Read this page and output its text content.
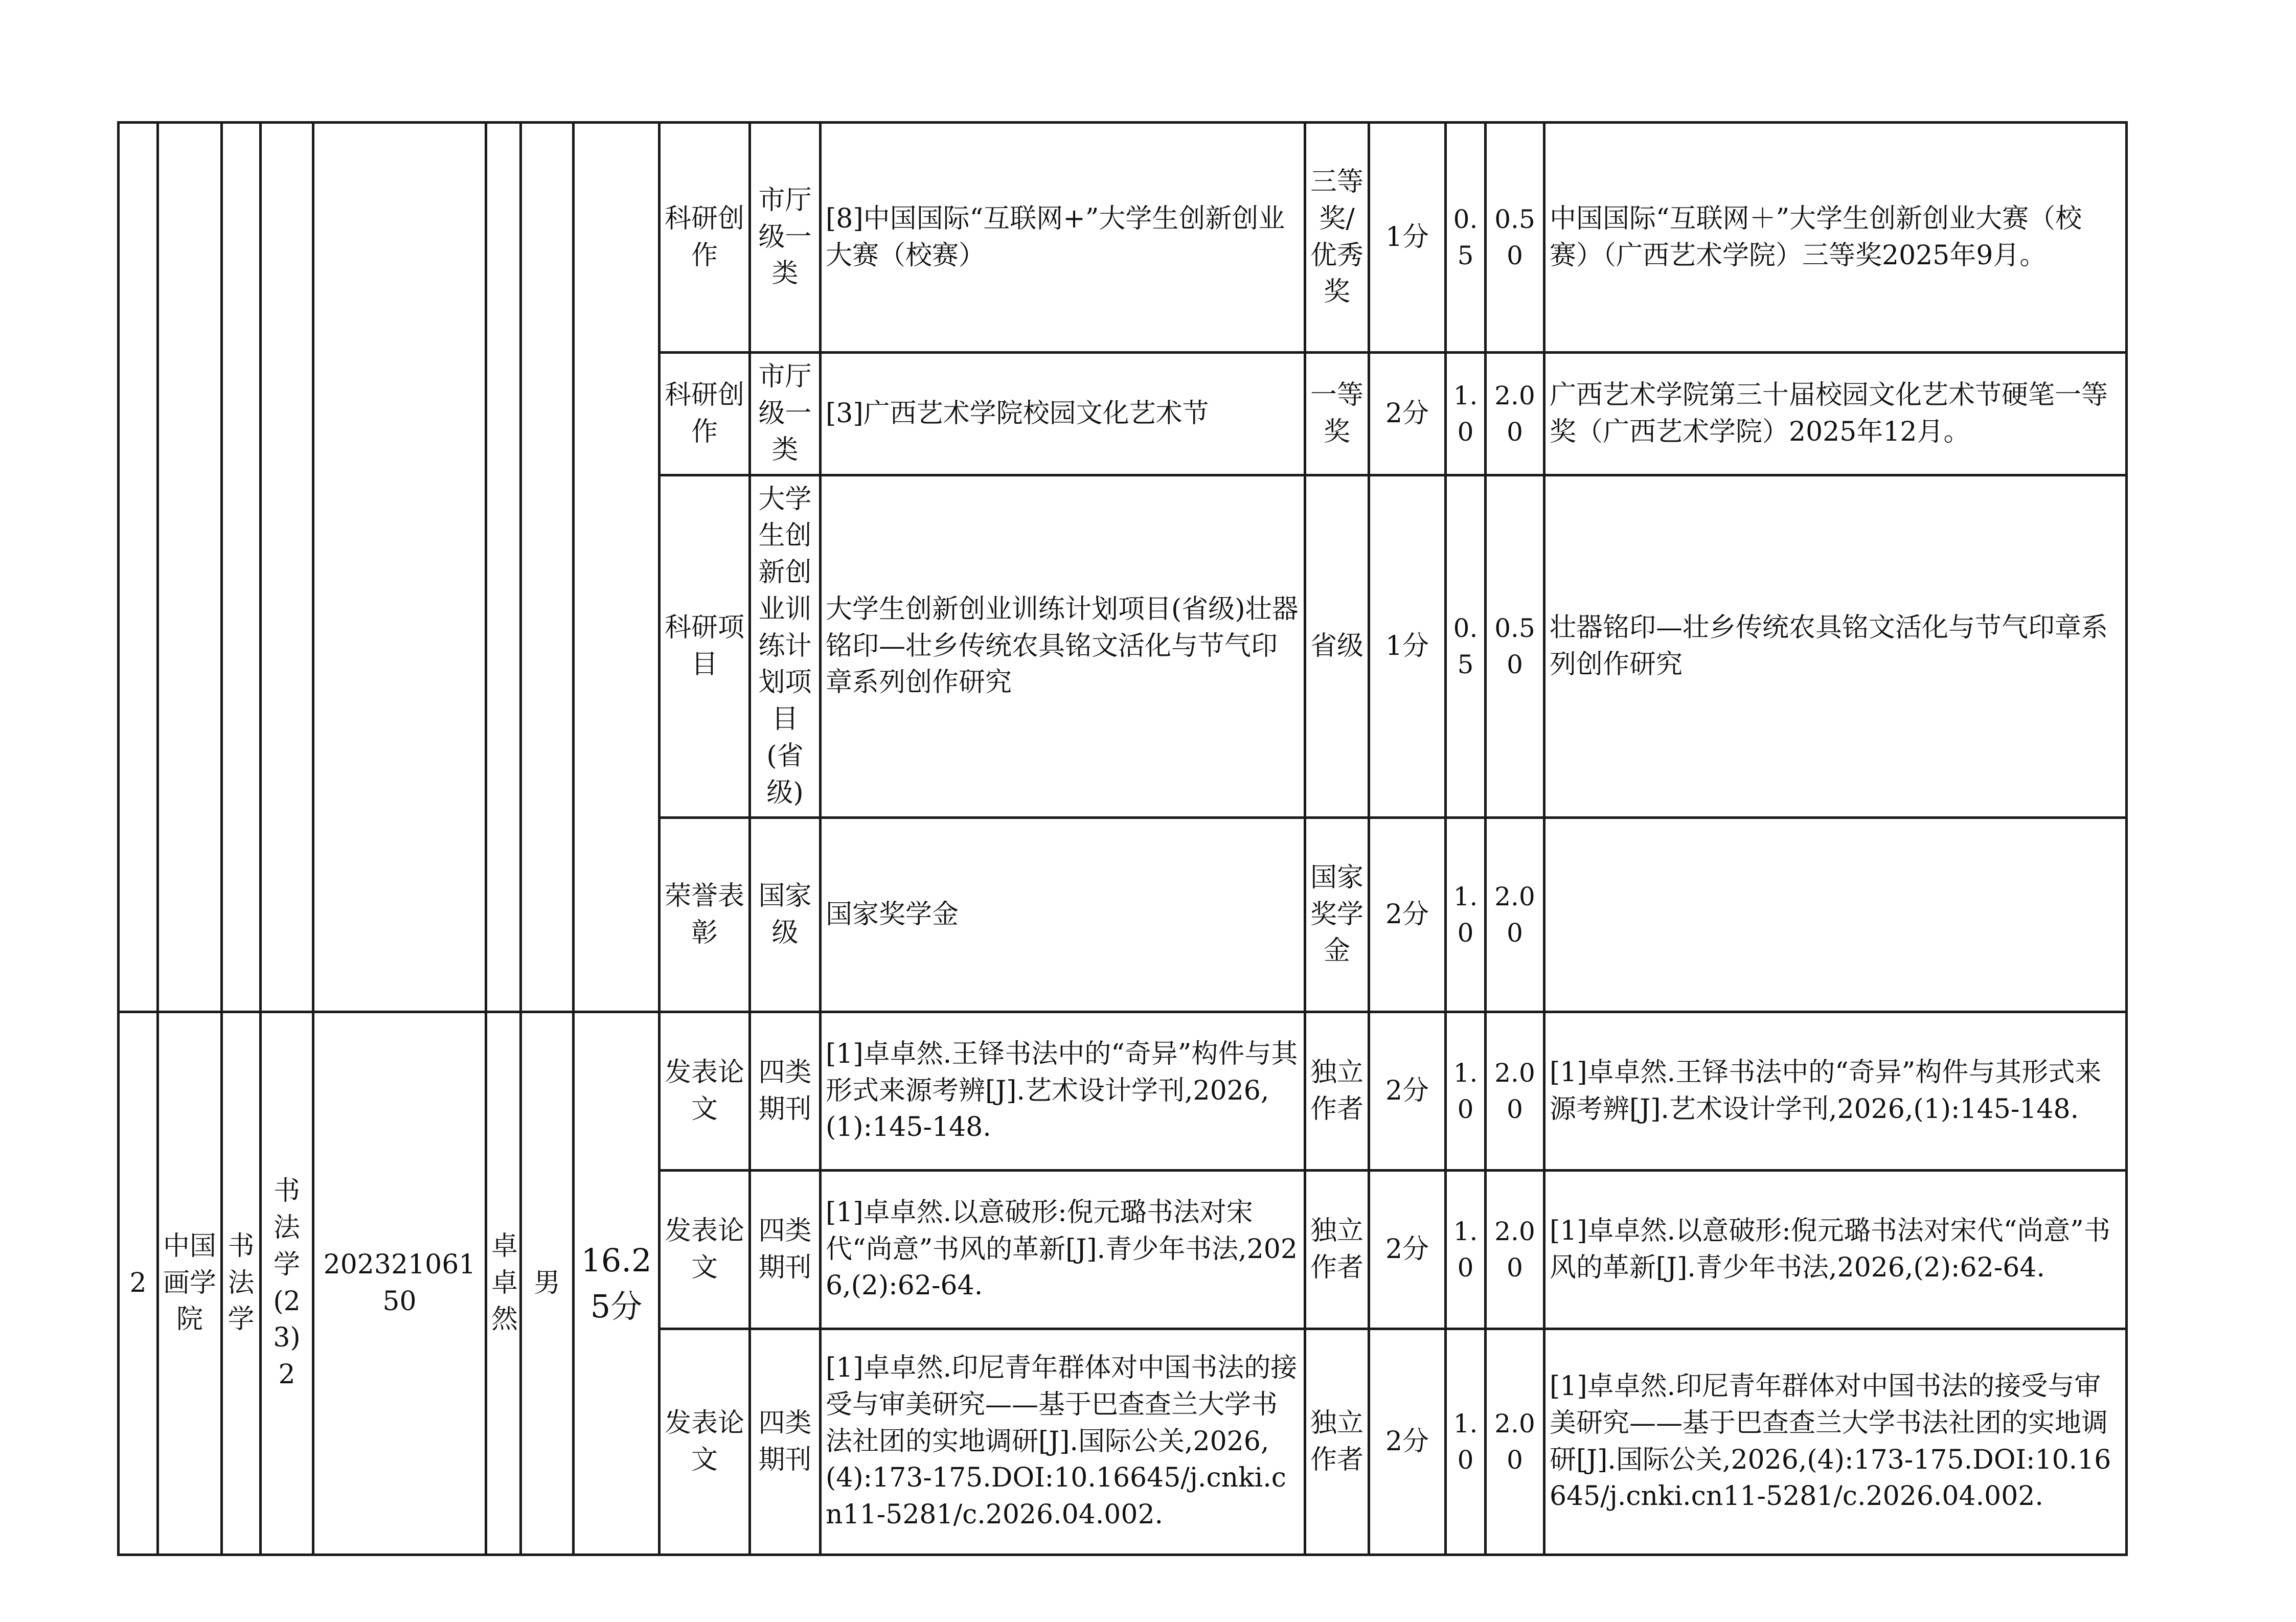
								科研创作	市厅级一类	[8]中国国际“互联网+”大学生创新创业大赛（校赛）	三等奖/优秀奖	1分	0.5	0.50	中国国际“互联网＋”大学生创新创业大赛（校赛）（广西艺术学院）三等奖2025年9月。
								科研创作	市厅级一类	[3]广西艺术学院校园文化艺术节	一等奖	2分	1.0	2.00	广西艺术学院第三十届校园文化艺术节硬笔一等奖（广西艺术学院）2025年12月。
								科研项目	大学生创新创业训练计划项目(省级)	大学生创新创业训练计划项目(省级)壮器铭印—壮乡传统农具铭文活化与节气印章系列创作研究	省级	1分	0.5	0.50	壮器铭印—壮乡传统农具铭文活化与节气印章系列创作研究
								荣誉表彰	国家级	国家奖学金	国家奖学金	2分	1.0	2.00	
2	中国画学院	书法学	书法学(23)2	20232106150	卓卓然	男	16.25分	发表论文	四类期刊	[1]卓卓然.王铎书法中的“奇异”构件与其形式来源考辨[J].艺术设计学刊,2026,(1):145-148.	独立作者	2分	1.0	2.00	[1]卓卓然.王铎书法中的“奇异”构件与其形式来源考辨[J].艺术设计学刊,2026,(1):145-148.
								发表论文	四类期刊	[1]卓卓然.以意破形:倪元璐书法对宋代“尚意”书风的革新[J].青少年书法,2026,(2):62-64.	独立作者	2分	1.0	2.00	[1]卓卓然.以意破形:倪元璐书法对宋代“尚意”书风的革新[J].青少年书法,2026,(2):62-64.
								发表论文	四类期刊	[1]卓卓然.印尼青年群体对中国书法的接受与审美研究——基于巴查查兰大学书法社团的实地调研[J].国际公关,2026,(4):173-175.DOI:10.16645/j.cnki.cn11-5281/c.2026.04.002.	独立作者	2分	1.0	2.00	[1]卓卓然.印尼青年群体对中国书法的接受与审美研究——基于巴查查兰大学书法社团的实地调研[J].国际公关,2026,(4):173-175.DOI:10.16645/j.cnki.cn11-5281/c.2026.04.002.
